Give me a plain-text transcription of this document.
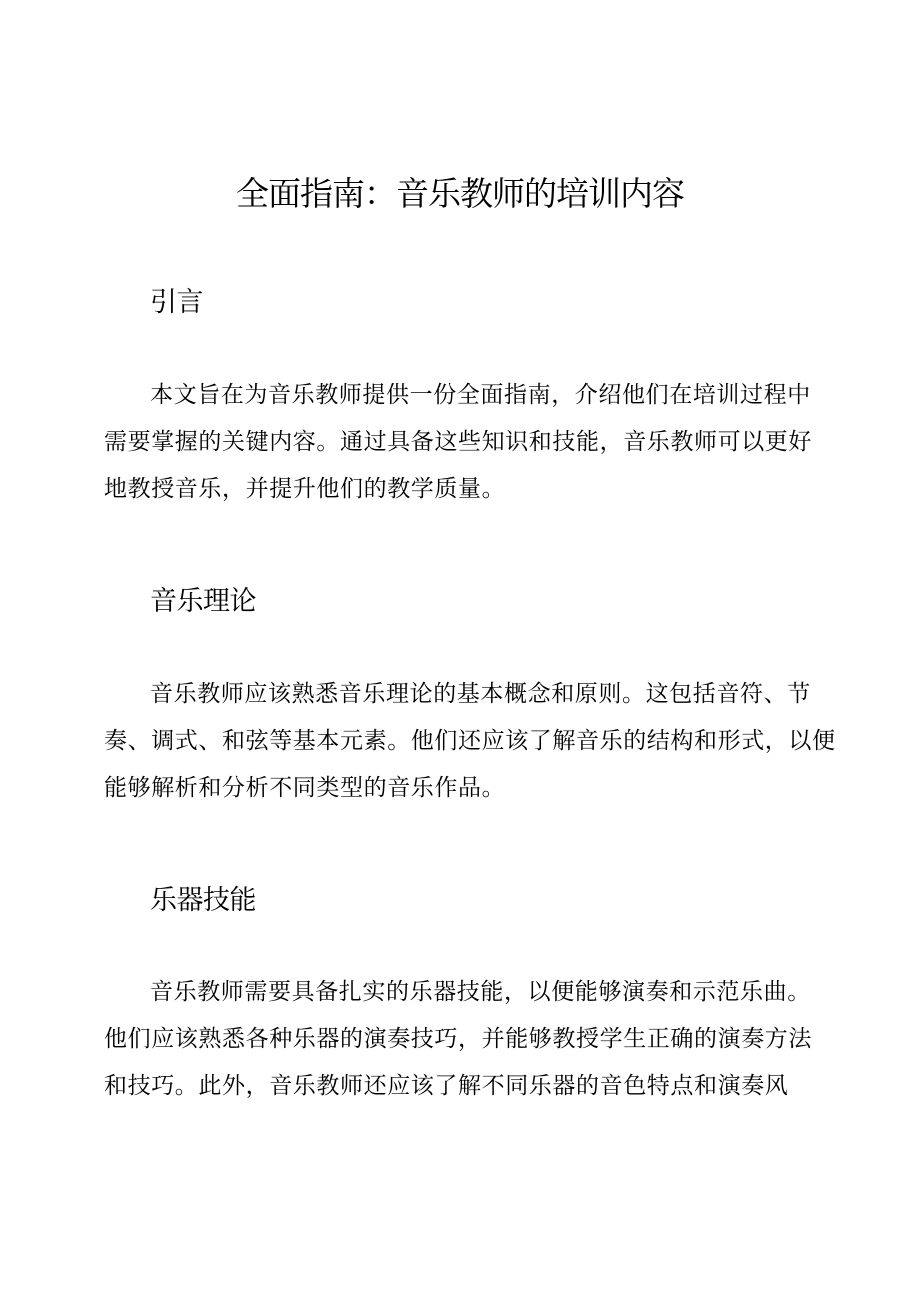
全面指南：音乐教师的培训内容
引言
本文旨在为音乐教师提供一份全面指南，介绍他们在培训过程中
需要掌握的关键内容。通过具备这些知识和技能，音乐教师可以更好
地教授音乐，并提升他们的教学质量。
音乐理论
音乐教师应该熟悉音乐理论的基本概念和原则。这包括音符、节
奏、调式、和弦等基本元素。他们还应该了解音乐的结构和形式，以便
能够解析和分析不同类型的音乐作品。
乐器技能
音乐教师需要具备扎实的乐器技能，以便能够演奏和示范乐曲。
他们应该熟悉各种乐器的演奏技巧，并能够教授学生正确的演奏方法
和技巧。此外，音乐教师还应该了解不同乐器的音色特点和演奏风
